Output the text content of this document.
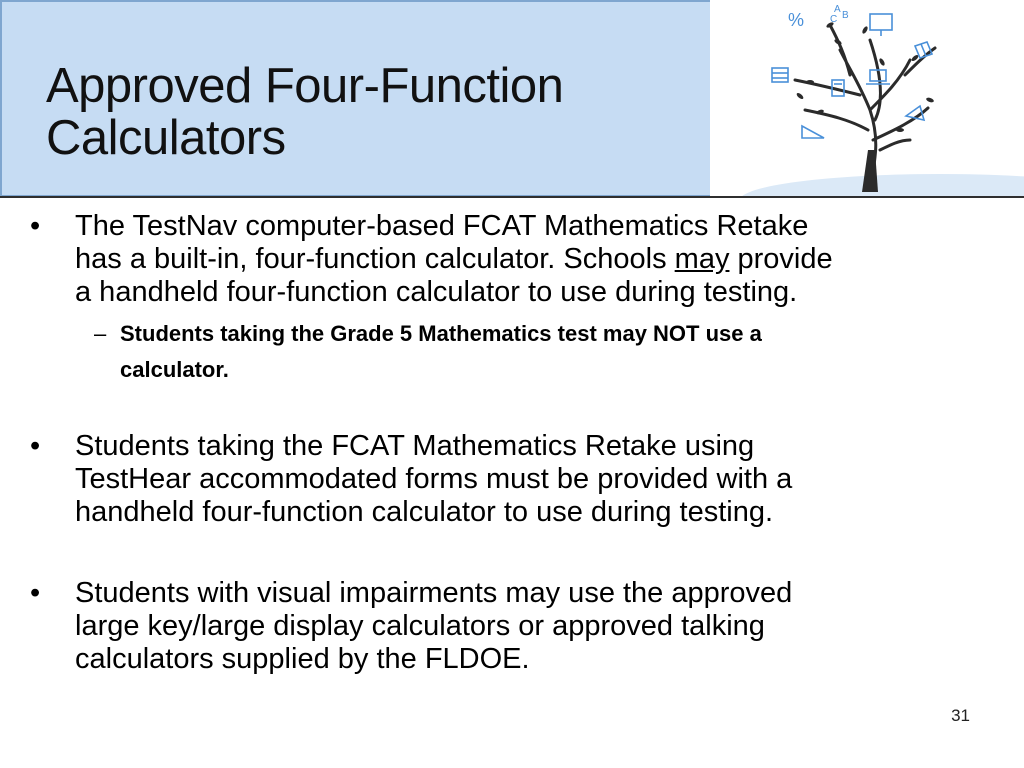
Approved Four-Function
Calculators
%
A
C B
•	The TestNav computer-based FCAT Mathematics Retake
has a built-in, four-function calculator. Schools may provide
a handheld four-function calculator to use during testing.
– Students taking the Grade 5 Mathematics test may NOT use a
calculator.
•	Students taking the FCAT Mathematics Retake using
TestHear accommodated forms must be provided with a
handheld four-function calculator to use during testing.
•	Students with visual impairments may use the approved
large key/large display calculators or approved talking
calculators supplied by the FLDOE.
31
